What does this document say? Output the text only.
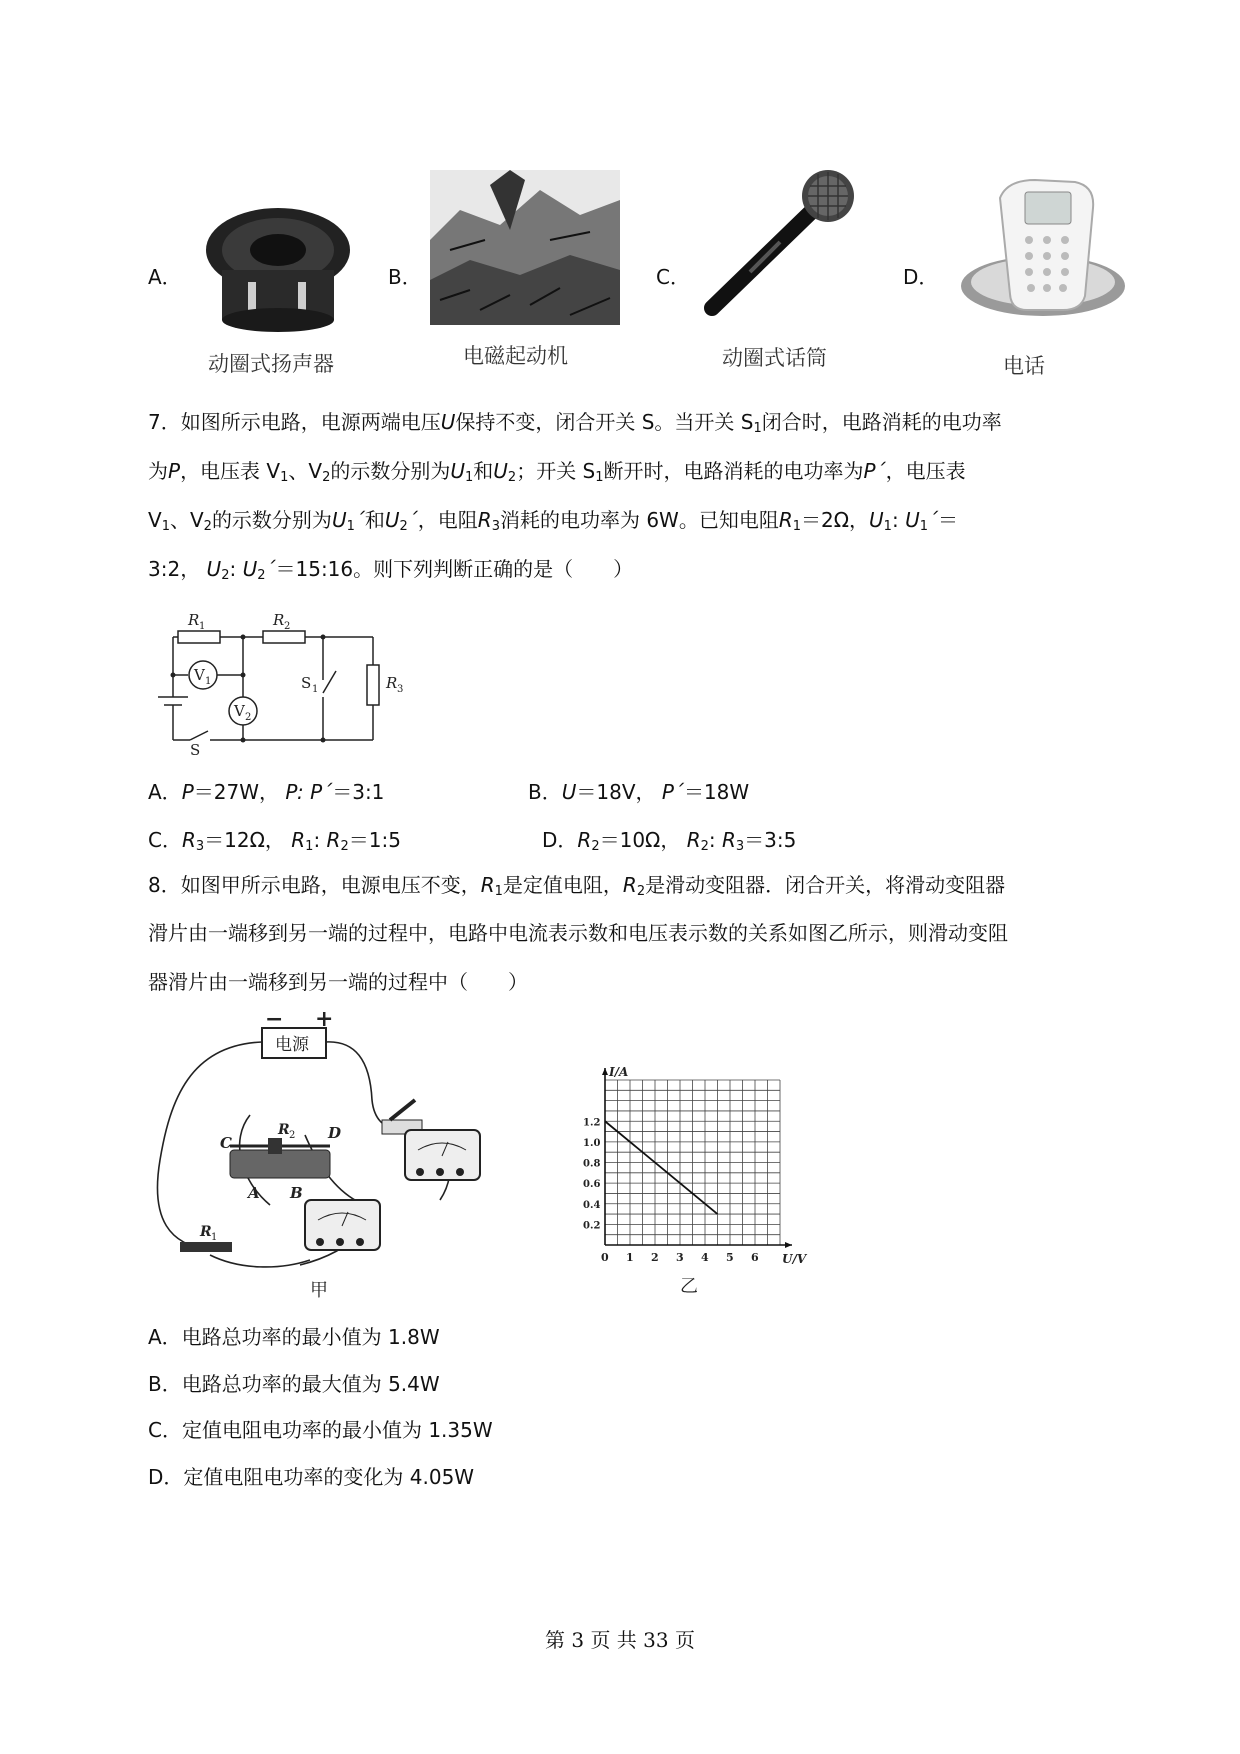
A．
动圈式扬声器
B．
电磁起动机
C．
动圈式话筒
D．
电话
7．如图所示电路，电源两端电压U保持不变，闭合开关 S。当开关 $S_1$闭合时，电路消耗的电功率
为P，电压表 $V_1$、$V_2$的示数分别为$U_1$和$U_2$；开关 $S_1$断开时，电路消耗的电功率为P´，电压表
$V_1$、$V_2$的示数分别为$U_1´$和$U_2´$，电阻$R_3$消耗的电功率为 6W。已知电阻$R_1=2\Omega$，$U_1$: $U_1´=$
3:2， $U_2$: $U_2´=15:16$。则下列判断正确的是（　　）
R 1	R 2
R 3
V 1
V 2
S 1
S
A．P＝27W， P: P´＝3:1	B．U＝18V， P´＝18W
C．$R_3=12\Omega$， $R_1$: $R_2=1:5$	D．$R_2=10\Omega$， $R_2$: $R_3=3:5$
8．如图甲所示电路，电源电压不变，$R_1$是定值电阻，$R_2$是滑动变阻器．闭合开关，将滑动变阻器
滑片由一端移到另一端的过程中，电路中电流表示数和电压表示数的关系如图乙所示，则滑动变阻
器滑片由一端移到另一端的过程中（　　）
电源
− +
C
D
A B
R 2
R 1
甲
0 1 2 3 4 5 6
0.2
0.4
0.6
0.8
1.0
1.2
U/V
I/A
乙
A．电路总功率的最小值为 1.8W
B．电路总功率的最大值为 5.4W
C．定值电阻电功率的最小值为 1.35W
D．定值电阻电功率的变化为 4.05W
第 3 页 共 33 页
